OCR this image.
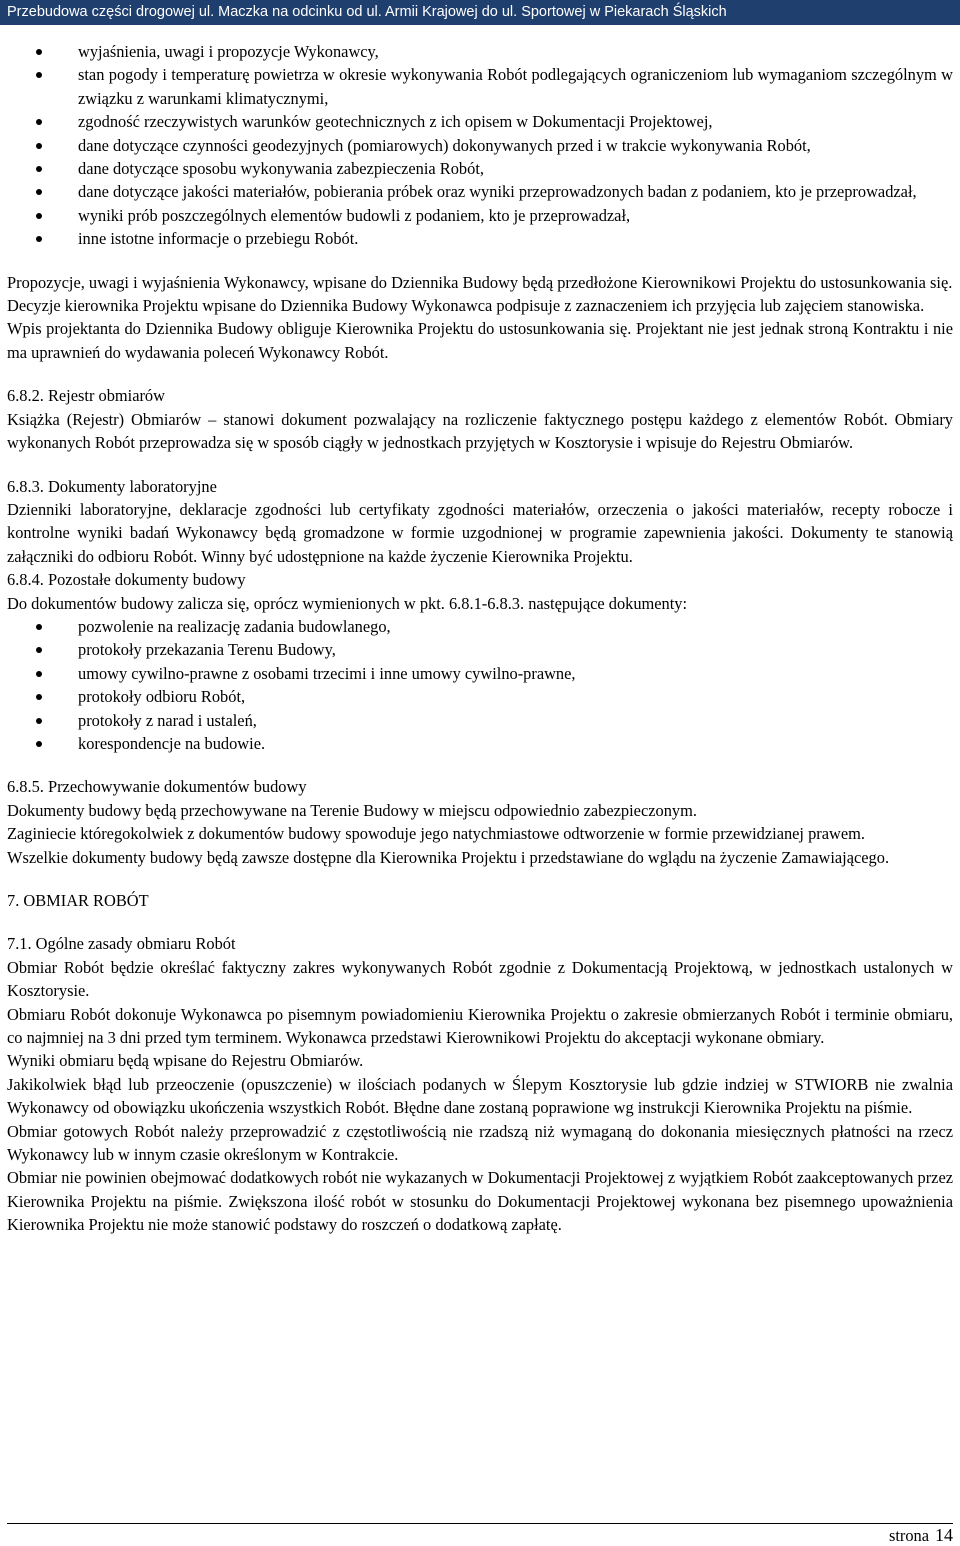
Przebudowa części drogowej ul. Maczka na odcinku od ul. Armii Krajowej do ul. Sportowej w Piekarach Śląskich
wyjaśnienia, uwagi i propozycje Wykonawcy,
stan pogody i temperaturę powietrza w okresie wykonywania Robót podlegających ograniczeniom lub wymaganiom szczególnym w związku z warunkami klimatycznymi,
zgodność rzeczywistych warunków geotechnicznych z ich opisem w Dokumentacji Projektowej,
dane dotyczące czynności geodezyjnych (pomiarowych) dokonywanych przed i w trakcie wykonywania Robót,
dane dotyczące sposobu wykonywania zabezpieczenia Robót,
dane dotyczące jakości materiałów, pobierania próbek oraz wyniki przeprowadzonych badan z podaniem, kto je przeprowadzał,
wyniki prób poszczególnych elementów budowli z podaniem, kto je przeprowadzał,
inne istotne informacje o przebiegu Robót.

Propozycje, uwagi i wyjaśnienia Wykonawcy, wpisane do Dziennika Budowy będą przedłożone Kierownikowi Projektu do ustosunkowania się.

Decyzje kierownika Projektu wpisane do Dziennika Budowy Wykonawca podpisuje z zaznaczeniem ich przyjęcia lub zajęciem stanowiska.

Wpis projektanta do Dziennika Budowy obliguje Kierownika Projektu do ustosunkowania się. Projektant nie jest jednak stroną Kontraktu i nie ma uprawnień do wydawania poleceń Wykonawcy Robót.

6.8.2. Rejestr obmiarów

Książka (Rejestr) Obmiarów – stanowi dokument pozwalający na rozliczenie faktycznego postępu każdego z elementów Robót. Obmiary wykonanych Robót przeprowadza się w sposób ciągły w jednostkach przyjętych w Kosztorysie i wpisuje do Rejestru Obmiarów.

6.8.3. Dokumenty laboratoryjne

Dzienniki laboratoryjne, deklaracje zgodności lub certyfikaty zgodności materiałów, orzeczenia o jakości materiałów, recepty robocze i kontrolne wyniki badań Wykonawcy będą gromadzone w formie uzgodnionej w programie zapewnienia jakości. Dokumenty te stanowią załączniki do odbioru Robót. Winny być udostępnione na każde życzenie Kierownika Projektu.

6.8.4. Pozostałe dokumenty budowy

Do dokumentów budowy zalicza się, oprócz wymienionych w pkt. 6.8.1-6.8.3. następujące dokumenty:

pozwolenie na realizację zadania budowlanego,
protokoły przekazania Terenu Budowy,
umowy cywilno-prawne z osobami trzecimi i inne umowy cywilno-prawne,
protokoły odbioru Robót,
protokoły z narad i ustaleń,
korespondencje na budowie.

6.8.5. Przechowywanie dokumentów budowy

Dokumenty budowy będą przechowywane na Terenie Budowy w miejscu odpowiednio zabezpieczonym.

Zaginiecie któregokolwiek z dokumentów budowy spowoduje jego natychmiastowe odtworzenie w formie przewidzianej prawem.

Wszelkie dokumenty budowy będą zawsze dostępne dla Kierownika Projektu i przedstawiane do wglądu na życzenie Zamawiającego.

7. OBMIAR ROBÓT

7.1. Ogólne zasady obmiaru Robót

Obmiar Robót będzie określać faktyczny zakres wykonywanych Robót zgodnie z Dokumentacją Projektową, w jednostkach ustalonych w Kosztorysie.

Obmiaru Robót dokonuje Wykonawca po pisemnym powiadomieniu Kierownika Projektu o zakresie obmierzanych Robót i terminie obmiaru, co najmniej na 3 dni przed tym terminem. Wykonawca przedstawi Kierownikowi Projektu do akceptacji wykonane obmiary.

Wyniki obmiaru będą wpisane do Rejestru Obmiarów.

Jakikolwiek błąd lub przeoczenie (opuszczenie) w ilościach podanych w Ślepym Kosztorysie lub gdzie indziej w STWIORB nie zwalnia Wykonawcy od obowiązku ukończenia wszystkich Robót. Błędne dane zostaną poprawione wg instrukcji Kierownika Projektu na piśmie.

Obmiar gotowych Robót należy przeprowadzić z częstotliwością nie rzadszą niż wymaganą do dokonania miesięcznych płatności na rzecz Wykonawcy lub w innym czasie określonym w Kontrakcie.

Obmiar nie powinien obejmować dodatkowych robót nie wykazanych w Dokumentacji Projektowej z wyjątkiem Robót zaakceptowanych przez Kierownika Projektu na piśmie. Zwiększona ilość robót w stosunku do Dokumentacji Projektowej wykonana bez pisemnego upoważnienia Kierownika Projektu nie może stanowić podstawy do roszczeń o dodatkową zapłatę.

strona 14
